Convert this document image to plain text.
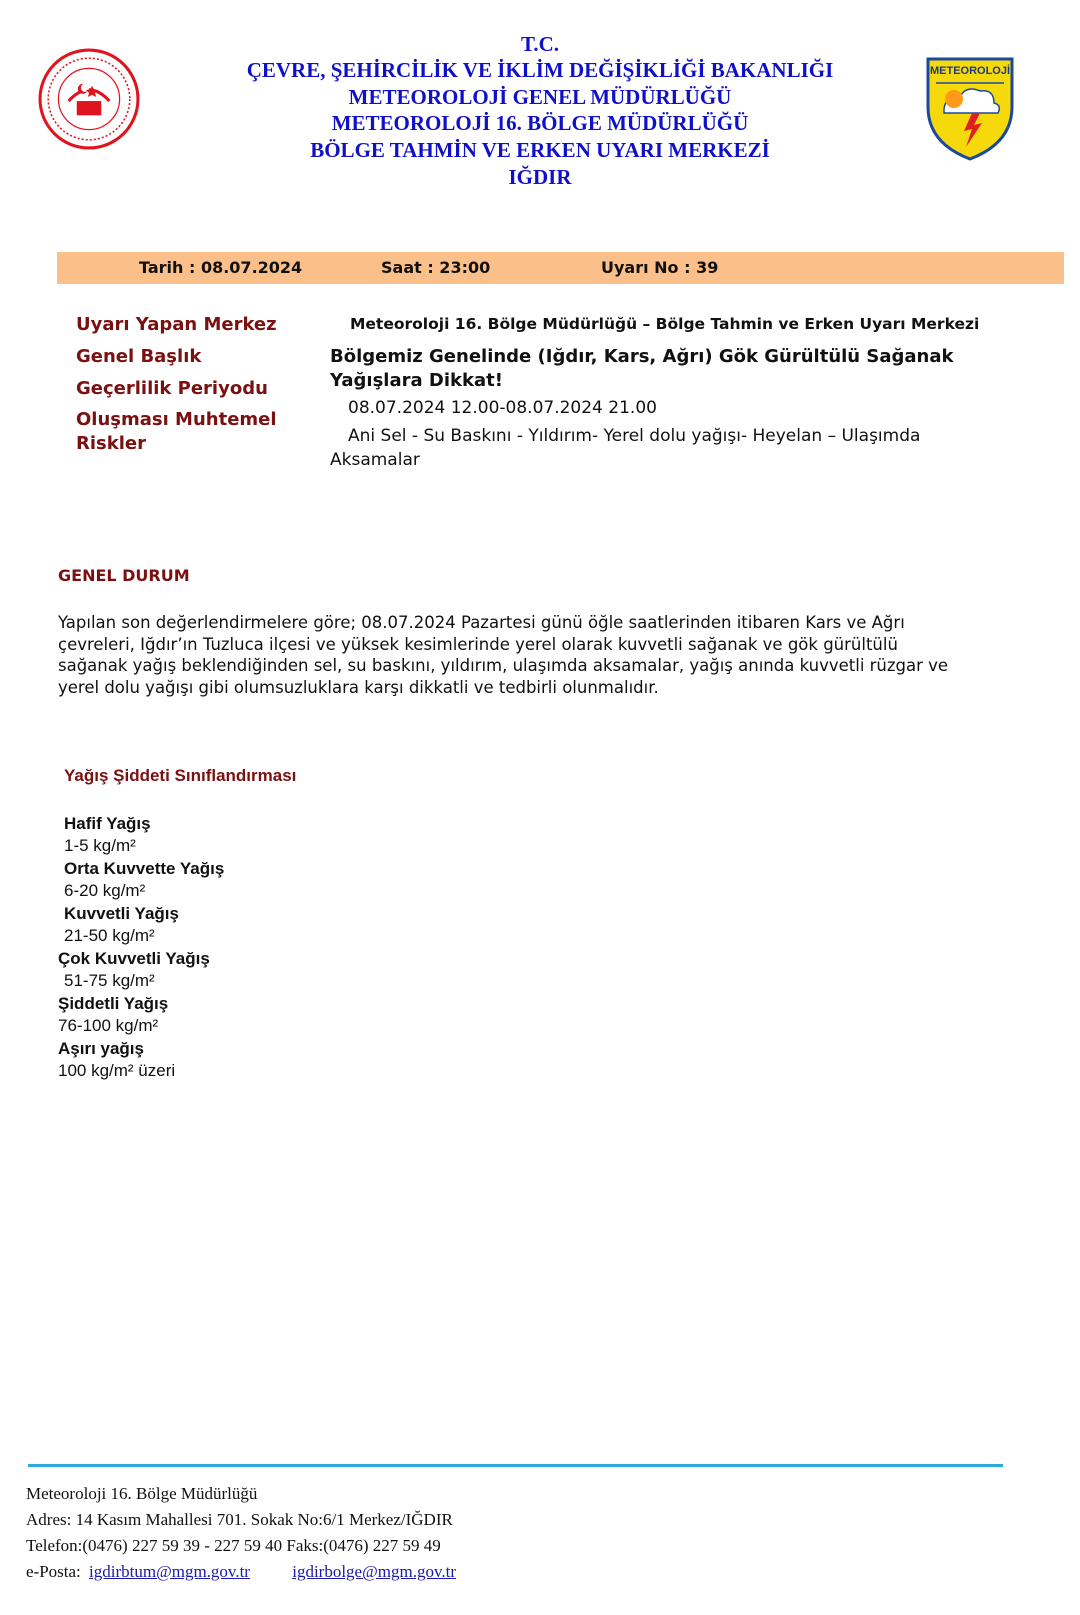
T.C.
ÇEVRE, ŞEHİRCİLİK VE İKLİM DEĞİŞİKLİĞİ BAKANLIĞI
METEOROLOJİ GENEL MÜDÜRLÜĞÜ
METEOROLOJİ 16. BÖLGE MÜDÜRLÜĞÜ
BÖLGE TAHMİN VE ERKEN UYARI MERKEZİ
IĞDIR
METEOROLOJİ
Tarih : 08.07.2024	Saat : 23:00	Uyarı No : 39
Uyarı Yapan Merkez
Genel Başlık
Geçerlilik Periyodu
Oluşması Muhtemel
Riskler
Meteoroloji 16. Bölge Müdürlüğü – Bölge Tahmin ve Erken Uyarı Merkezi
Bölgemiz Genelinde (Iğdır, Kars, Ağrı) Gök Gürültülü Sağanak
Yağışlara Dikkat!
08.07.2024 12.00-08.07.2024 21.00
Ani Sel - Su Baskını - Yıldırım- Yerel dolu yağışı- Heyelan – Ulaşımda
Aksamalar
GENEL DURUM
Yapılan son değerlendirmelere göre; 08.07.2024 Pazartesi günü öğle saatlerinden itibaren Kars ve Ağrı
çevreleri, Iğdır’ın Tuzluca ilçesi ve yüksek kesimlerinde yerel olarak kuvvetli sağanak ve gök gürültülü
sağanak yağış beklendiğinden sel, su baskını, yıldırım, ulaşımda aksamalar, yağış anında kuvvetli rüzgar ve
yerel dolu yağışı gibi olumsuzluklara karşı dikkatli ve tedbirli olunmalıdır.
Yağış Şiddeti Sınıflandırması
Hafif Yağış
1-5 kg/m²
Orta Kuvvette Yağış
6-20 kg/m²
Kuvvetli Yağış
21-50 kg/m²
Çok Kuvvetli Yağış
51-75 kg/m²
Şiddetli Yağış
76-100 kg/m²
Aşırı yağış
100 kg/m² üzeri
Meteoroloji 16. Bölge Müdürlüğü
Adres: 14 Kasım Mahallesi 701. Sokak No:6/1 Merkez/IĞDIR
Telefon:(0476) 227 59 39 - 227 59 40 Faks:(0476) 227 59 49
e-Posta: igdirbtum@mgm.gov.tr igdirbolge@mgm.gov.tr
